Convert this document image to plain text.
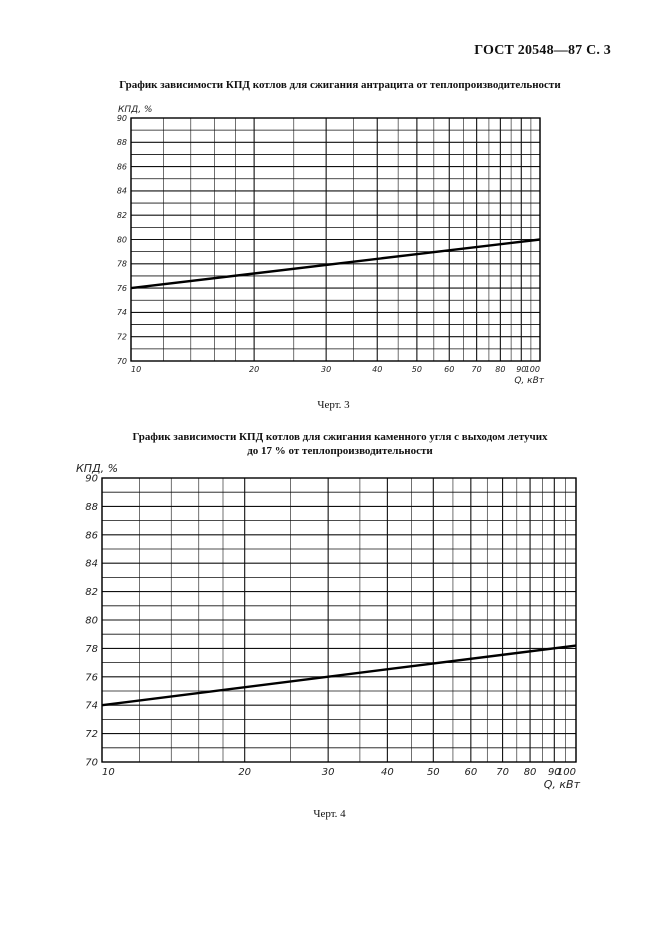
ГОСТ 20548—87 С. 3
График зависимости КПД котлов для сжигания антрацита от теплопроизводительности
70
72
74
76
78
80
82
84
86
88
90
10	20	30	40	50	60 70 80 90
100
КПД, %
Q, кВт
Черт. 3
График зависимости КПД котлов для сжигания каменного угля с выходом летучих
до 17 % от теплопроизводительности
70
72
74
76
78
80
82
84
86
88
90
10	20	30	40	50 60 70 80 90
100
КПД, %
Q, кВт
Черт. 4
